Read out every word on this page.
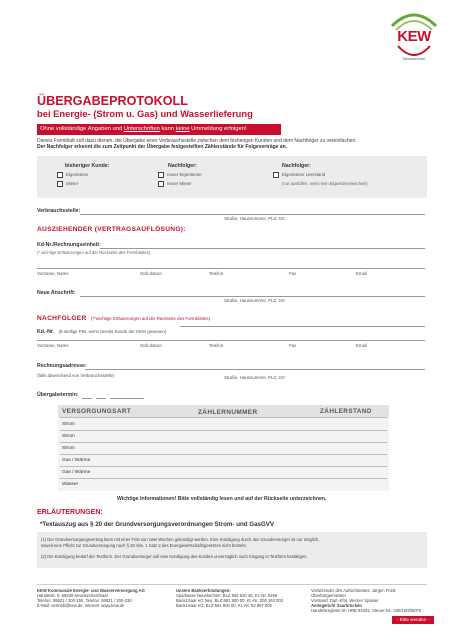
KEW
Neunkirchen
ÜBERGABEPROTOKOLL
bei Energie- (Strom u. Gas) und Wasserlieferung
Ohne vollständige Angaben und Unterschriften kann keine Ummeldung erfolgen!
Dieses Formblatt soll dazu dienen, die Übergabe einer Verbrauchsstelle zwischen dem bisherigen Kunden und dem Nachfolger zu vereinfachen.
Der Nachfolger erkennt die zum Zeitpunkt der Übergabe festgestellten Zählerstände für Folgeverträge an.
bisheriger Kunde:
Eigentümer
Mieter
Nachfolger:
neuer Eigentümer
neuer Mieter
Nachfolger:
Eigentümer Leerstand
(nur ausfüllen, wenn kein Eigentümerwechsel)
Verbrauchsstelle:
Straße, Hausnummer, PLZ, Ort
AUSZIEHENDER (VERTRAGSAUFLÖSUNG):
Kd-Nr./Rechnungseinheit:
(* wichtige Erläuterungen auf der Rückseite des Formblattes)
Vorname, Name	Geb.datum	Telefon	Fax	Email
Neue Anschrift:
Straße, Hausnummer, PLZ, Ort
NACHFOLGER (**wichtige Erläuterungen auf der Rückseite des Formblattes)
Kd.-Nr. (8-stellige PIN, wenn bereits Kunde der KEW gewesen)
Vorname, Name	Geb.datum	Telefon	Fax	Email
Rechnungsadresse:
(falls abweichend von Verbrauchsstelle)	Straße, Hausnummer, PLZ, Ort
Übergabetermin:
VERSORGUNGSART	ZÄHLERNUMMER	ZÄHLERSTAND
Strom
Strom
Strom
Gas / Wärme
Gas / Wärme
Wasser
Wichtige Informationen! Bitte vollständig lesen und auf der Rückseite unterzeichnen.
ERLÄUTERUNGEN:
*Textauszug aus § 20 der Grundversorgungsverordnungen Strom- und GasGVV
(1) Der Grundversorgungsvertrag kann mit einer Frist von zwei Wochen gekündigt werden. Eine Kündigung durch den Grundversorger ist nur möglich,
soweit eine Pflicht zur Grundversorgung nach § 36 Abs. 1 Satz 2 des Energiewirtschaftsgesetzes nicht besteht.
(2) Die Kündigung bedarf der Textform. Der Grundversorger soll eine Kündigung des Kunden unverzüglich nach Eingang in Textform bestätigen.
KEW Kommunale Energie- und Wasserversorgung AG
Händelstr. 5, 66538 Neunkirchen/Saar
Telefon: 06821 / 200-150, Telefax: 06821 / 200-230
E-Mail: vertrieb@kew.de, Internet: www.kew.de
Unsere Bankverbindungen:
Sparkasse Neunkirchen: BLZ 592 520 46, Kt.-Nr. 5266
Bank1Saar eG Neu: BLZ 591 900 00, Kt.-Nr. 200 162 002
Bank1Saar eG: BLZ 591 900 00, Kt.-Nr. 53 867 000
Vorsitzender des Aufsichtsrates: Jürgen Fried, Oberbürgermeister
Vorstand: Dipl.-Kfm. Werner Spanier
Amtsgericht Saarbrücken
Handelsregister Nr. HRB 91002, Steuer-Nr.: 030/100/00075
- Bitte wenden -
